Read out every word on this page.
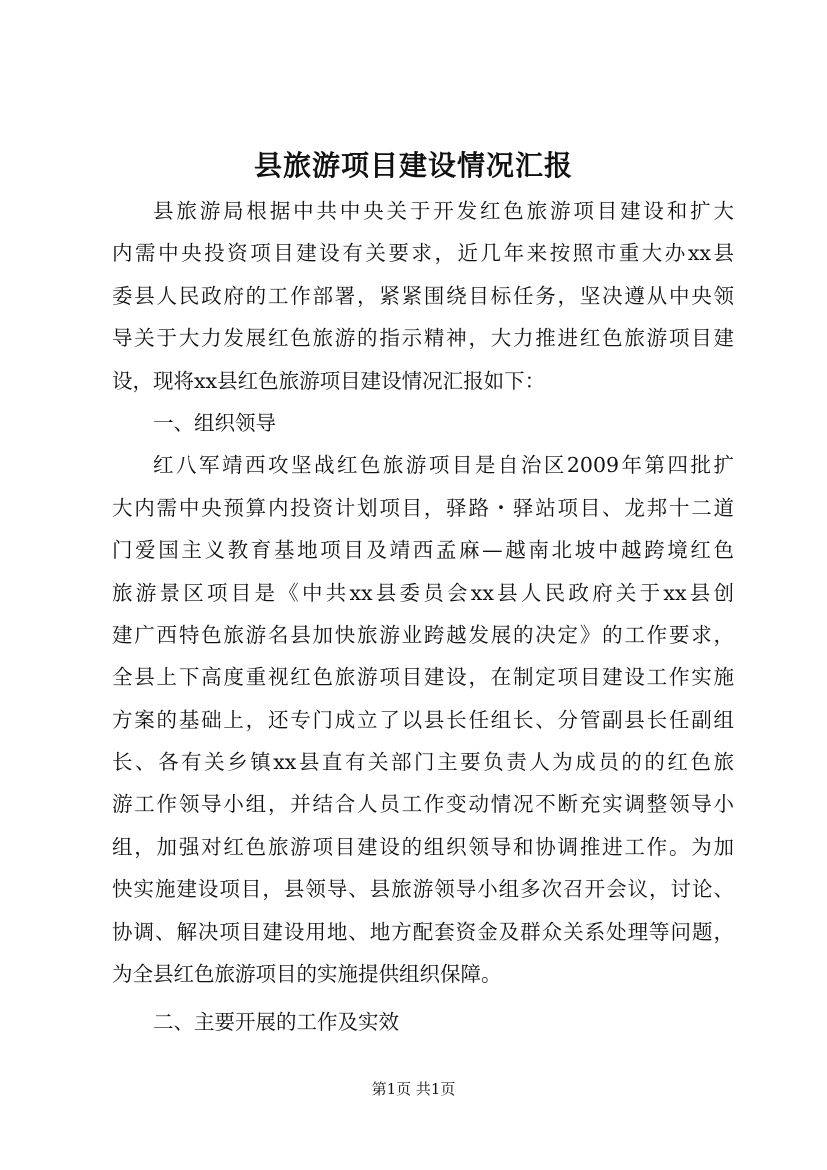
县旅游项目建设情况汇报
县旅游局根据中共中央关于开发红色旅游项目建设和扩大
内需中央投资项目建设有关要求，近几年来按照市重大办xx县
委县人民政府的工作部署，紧紧围绕目标任务，坚决遵从中央领
导关于大力发展红色旅游的指示精神，大力推进红色旅游项目建
设，现将xx县红色旅游项目建设情况汇报如下：
一、组织领导
红八军靖西攻坚战红色旅游项目是自治区2009年第四批扩
大内需中央预算内投资计划项目，驿路・驿站项目、龙邦十二道
门爱国主义教育基地项目及靖西孟麻—越南北坡中越跨境红色
旅游景区项目是《中共xx县委员会xx县人民政府关于xx县创
建广西特色旅游名县加快旅游业跨越发展的决定》的工作要求，
全县上下高度重视红色旅游项目建设，在制定项目建设工作实施
方案的基础上，还专门成立了以县长任组长、分管副县长任副组
长、各有关乡镇xx县直有关部门主要负责人为成员的的红色旅
游工作领导小组，并结合人员工作变动情况不断充实调整领导小
组，加强对红色旅游项目建设的组织领导和协调推进工作。为加
快实施建设项目，县领导、县旅游领导小组多次召开会议，讨论、
协调、解决项目建设用地、地方配套资金及群众关系处理等问题，
为全县红色旅游项目的实施提供组织保障。
二、主要开展的工作及实效
第1页 共1页
